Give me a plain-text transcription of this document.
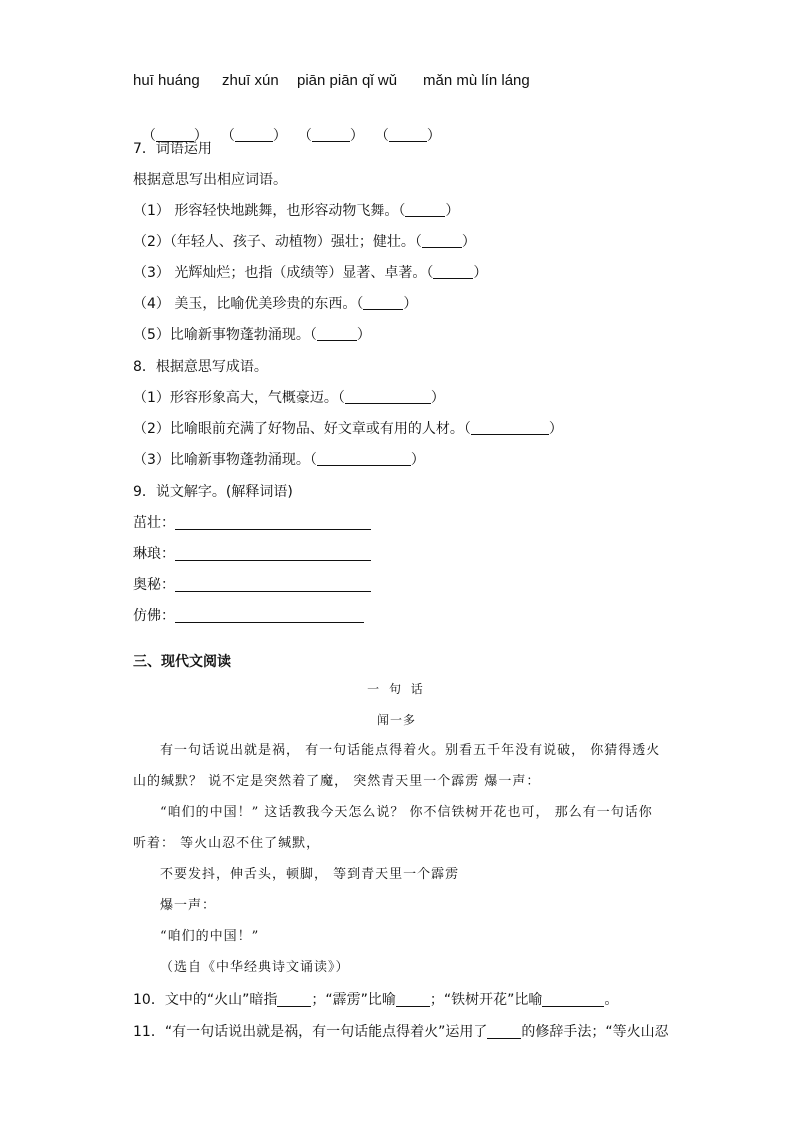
huī huáng zhuī xún piān piān qǐ wǔ mǎn mù lín láng

（	） （	） （	） （	）

7．词语运用
根据意思写出相应词语。
（1） 形容轻快地跳舞，也形容动物飞舞。（	）
（2）（年轻人、孩子、动植物）强壮；健壮。（	）
（3） 光辉灿烂；也指（成绩等）显著、卓著。（	）
（4） 美玉，比喻优美珍贵的东西。（	）
（5）比喻新事物蓬勃涌现。（	）
8．根据意思写成语。
（1）形容形象高大，气概豪迈。（	）
（2）比喻眼前充满了好物品、好文章或有用的人材。（	）
（3）比喻新事物蓬勃涌现。（	）
9．说文解字。(解释词语)
茁壮：
琳琅：
奥秘：
仿佛：
三、现代文阅读
一 句 话
闻一多
有一句话说出就是祸， 有一句话能点得着火。别看五千年没有说破， 你猜得透火
山的缄默？ 说不定是突然着了魔， 突然青天里一个霹雳 爆一声：
“咱们的中国！” 这话教我今天怎么说？ 你不信铁树开花也可， 那么有一句话你
听着： 等火山忍不住了缄默，
不要发抖，伸舌头，顿脚， 等到青天里一个霹雳
爆一声：
“咱们的中国！”
（选自《中华经典诗文诵读》）
10．文中的“火山”暗指 ；“霹雳”比喻 ；“铁树开花”比喻	。
11．“有一句话说出就是祸，有一句话能点得着火”运用了 的修辞手法；“等火山忍
